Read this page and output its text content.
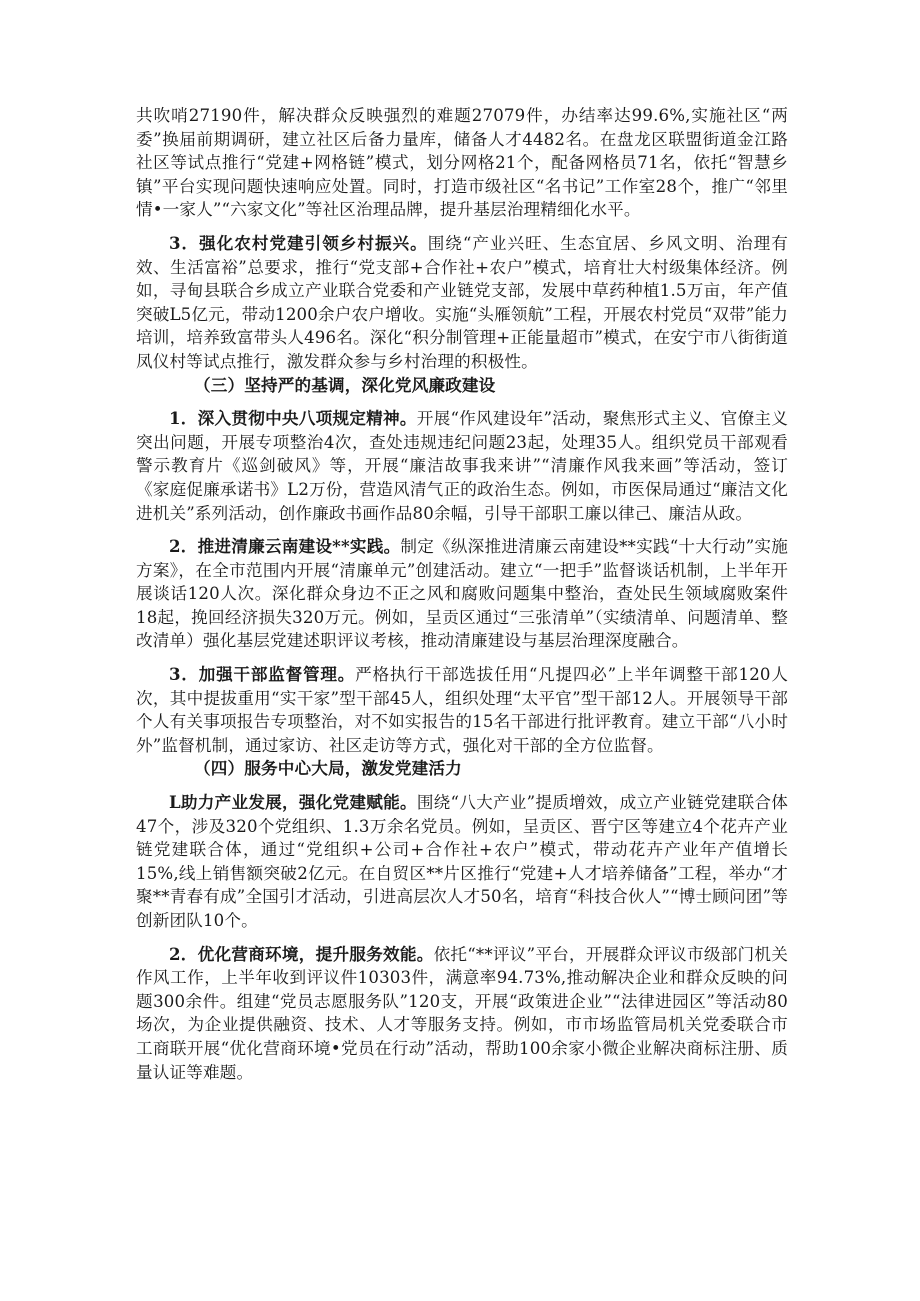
共吹哨27190件，解决群众反映强烈的难题27079件，办结率达99.6%,实施社区“两委”换届前期调研，建立社区后备力量库，储备人才4482名。在盘龙区联盟街道金江路社区等试点推行“党建+网格链”模式，划分网格21个，配备网格员71名，依托“智慧乡镇”平台实现问题快速响应处置。同时，打造市级社区“名书记”工作室28个，推广“邻里情•一家人”“六家文化”等社区治理品牌，提升基层治理精细化水平。

3．强化农村党建引领乡村振兴。围绕“产业兴旺、生态宜居、乡风文明、治理有效、生活富裕”总要求，推行“党支部+合作社+农户”模式，培育壮大村级集体经济。例如，寻甸县联合乡成立产业联合党委和产业链党支部，发展中草药种植1.5万亩，年产值突破L5亿元，带动1200余户农户增收。实施“头雁领航”工程，开展农村党员“双带”能力培训，培养致富带头人496名。深化“积分制管理+正能量超市”模式，在安宁市八街街道凤仪村等试点推行，激发群众参与乡村治理的积极性。

（三）坚持严的基调，深化党风廉政建设

1．深入贯彻中央八项规定精神。开展“作风建设年”活动，聚焦形式主义、官僚主义突出问题，开展专项整治4次，查处违规违纪问题23起，处理35人。组织党员干部观看警示教育片《巡剑破风》等，开展“廉洁故事我来讲”“清廉作风我来画”等活动，签订《家庭促廉承诺书》L2万份，营造风清气正的政治生态。例如，市医保局通过“廉洁文化进机关”系列活动，创作廉政书画作品80余幅，引导干部职工廉以律己、廉洁从政。

2．推进清廉云南建设**实践。制定《纵深推进清廉云南建设**实践“十大行动”实施方案》，在全市范围内开展“清廉单元”创建活动。建立“一把手”监督谈话机制，上半年开展谈话120人次。深化群众身边不正之风和腐败问题集中整治，查处民生领域腐败案件18起，挽回经济损失320万元。例如，呈贡区通过“三张清单”（实绩清单、问题清单、整改清单）强化基层党建述职评议考核，推动清廉建设与基层治理深度融合。

3．加强干部监督管理。严格执行干部选拔任用“凡提四必”上半年调整干部120人次，其中提拔重用“实干家”型干部45人，组织处理“太平官”型干部12人。开展领导干部个人有关事项报告专项整治，对不如实报告的15名干部进行批评教育。建立干部“八小时外”监督机制，通过家访、社区走访等方式，强化对干部的全方位监督。

（四）服务中心大局，激发党建活力

L助力产业发展，强化党建赋能。围绕“八大产业”提质增效，成立产业链党建联合体47个，涉及320个党组织、1.3万余名党员。例如，呈贡区、晋宁区等建立4个花卉产业链党建联合体，通过“党组织+公司+合作社+农户”模式，带动花卉产业年产值增长15%,线上销售额突破2亿元。在自贸区**片区推行“党建+人才培养储备”工程，举办“才聚**青春有成”全国引才活动，引进高层次人才50名，培育“科技合伙人”“博士顾问团”等创新团队10个。

2．优化营商环境，提升服务效能。依托“**评议”平台，开展群众评议市级部门机关作风工作，上半年收到评议件10303件，满意率94.73%,推动解决企业和群众反映的问题300余件。组建“党员志愿服务队”120支，开展“政策进企业”“法律进园区”等活动80场次，为企业提供融资、技术、人才等服务支持。例如，市市场监管局机关党委联合市工商联开展“优化营商环境•党员在行动”活动，帮助100余家小微企业解决商标注册、质量认证等难题。
